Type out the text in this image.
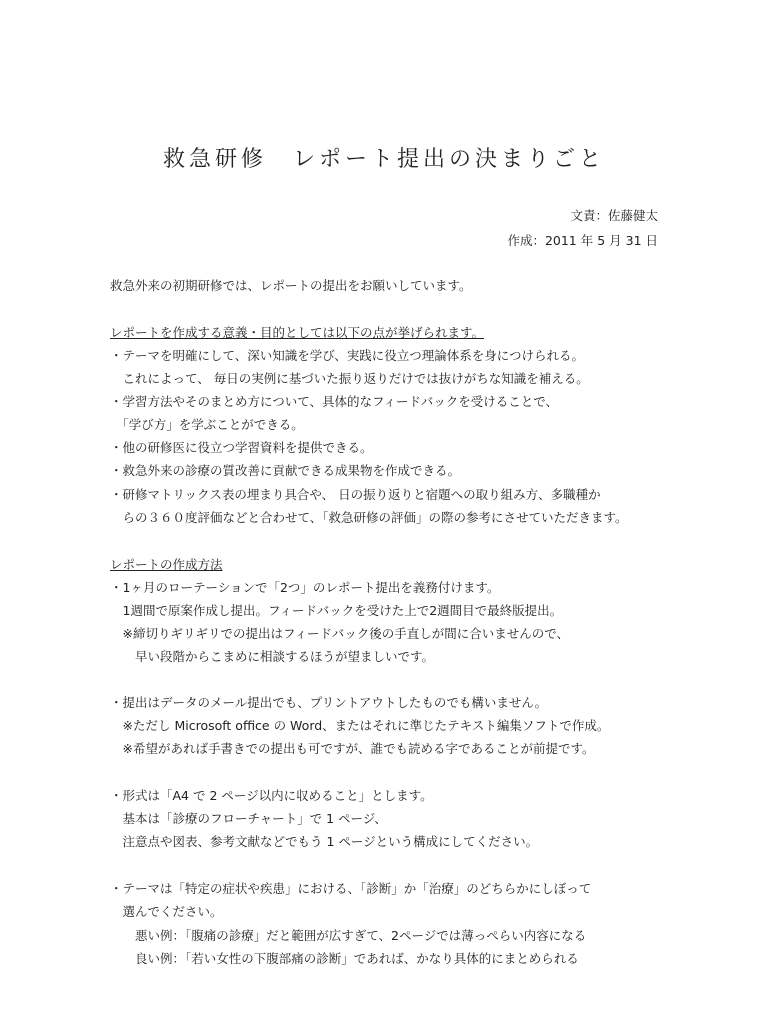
救急研修　レポート提出の決まりごと
文責：佐藤健太
作成：2011 年 5 月 31 日
救急外来の初期研修では、レポートの提出をお願いしています。
レポートを作成する意義・目的としては以下の点が挙げられます。
・テーマを明確にして、深い知識を学び、実践に役立つ理論体系を身につけられる。
　これによって、 毎日の実例に基づいた振り返りだけでは抜けがちな知識を補える。
・学習方法やそのまとめ方について、具体的なフィードバックを受けることで、
　「学び方」を学ぶことができる。
・他の研修医に役立つ学習資料を提供できる。
・救急外来の診療の質改善に貢献できる成果物を作成できる。
・研修マトリックス表の埋まり具合や、 日の振り返りと宿題への取り組み方、多職種か
　らの３６０度評価などと合わせて、「救急研修の評価」の際の参考にさせていただきます。
レポートの作成方法
・1ヶ月のローテーションで「2つ」のレポート提出を義務付けます。
　1週間で原案作成し提出。フィードバックを受けた上で2週間目で最終版提出。
　※締切りギリギリでの提出はフィードバック後の手直しが間に合いませんので、
　　早い段階からこまめに相談するほうが望ましいです。
・提出はデータのメール提出でも、プリントアウトしたものでも構いません。
　※ただし Microsoft office の Word、またはそれに準じたテキスト編集ソフトで作成。
　※希望があれば手書きでの提出も可ですが、誰でも読める字であることが前提です。
・形式は「A4 で 2 ページ以内に収めること」とします。
　基本は「診療のフローチャート」で 1 ページ、
　注意点や図表、参考文献などでもう 1 ページという構成にしてください。
・テーマは「特定の症状や疾患」における、「診断」か「治療」のどちらかにしぼって
　選んでください。
　　悪い例：「腹痛の診療」だと範囲が広すぎて、2ページでは薄っぺらい内容になる
　　良い例：「若い女性の下腹部痛の診断」であれば、かなり具体的にまとめられる
